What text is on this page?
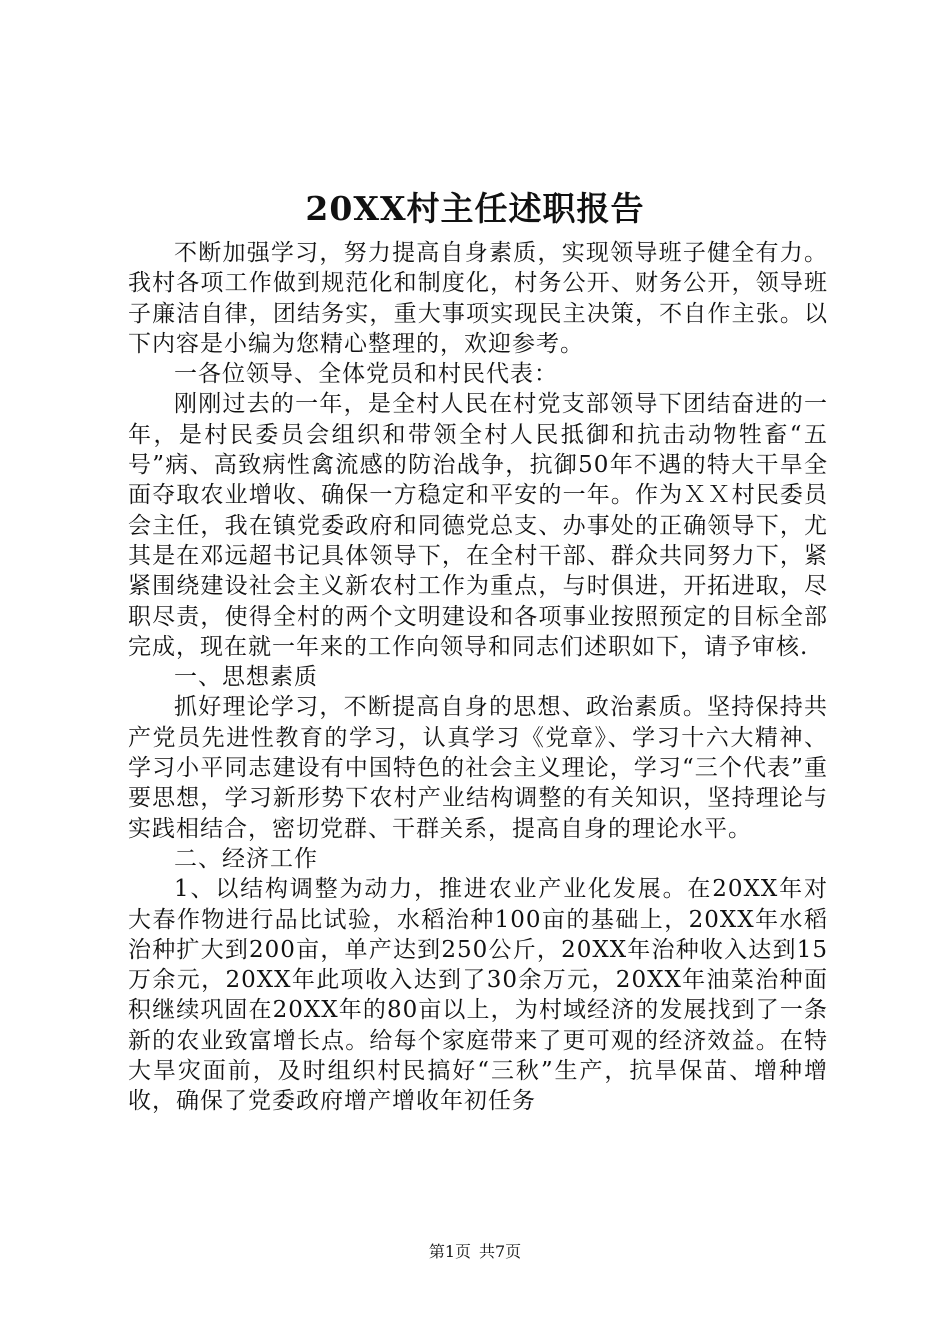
20XX村主任述职报告

不断加强学习，努力提高自身素质，实现领导班子健全有力。我村各项工作做到规范化和制度化，村务公开、财务公开，领导班子廉洁自律，团结务实，重大事项实现民主决策，不自作主张。以下内容是小编为您精心整理的，欢迎参考。

一各位领导、全体党员和村民代表：

刚刚过去的一年，是全村人民在村党支部领导下团结奋进的一年，是村民委员会组织和带领全村人民抵御和抗击动物牲畜“五号”病、高致病性禽流感的防治战争，抗御50年不遇的特大干旱全面夺取农业增收、确保一方稳定和平安的一年。作为ＸＸ村民委员会主任，我在镇党委政府和同德党总支、办事处的正确领导下，尤其是在邓远超书记具体领导下，在全村干部、群众共同努力下，紧紧围绕建设社会主义新农村工作为重点，与时俱进，开拓进取，尽职尽责，使得全村的两个文明建设和各项事业按照预定的目标全部完成，现在就一年来的工作向领导和同志们述职如下，请予审核.

一、思想素质

抓好理论学习，不断提高自身的思想、政治素质。坚持保持共产党员先进性教育的学习，认真学习《党章》、学习十六大精神、学习小平同志建设有中国特色的社会主义理论，学习“三个代表”重要思想，学习新形势下农村产业结构调整的有关知识，坚持理论与实践相结合，密切党群、干群关系，提高自身的理论水平。

二、经济工作

1、以结构调整为动力，推进农业产业化发展。在20XX年对大春作物进行品比试验，水稻治种100亩的基础上，20XX年水稻治种扩大到200亩，单产达到250公斤，20XX年治种收入达到15万余元，20XX年此项收入达到了30余万元，20XX年油菜治种面积继续巩固在20XX年的80亩以上，为村域经济的发展找到了一条新的农业致富增长点。给每个家庭带来了更可观的经济效益。在特大旱灾面前，及时组织村民搞好“三秋”生产，抗旱保苗、增种增收，确保了党委政府增产增收年初任务

第1页 共7页
